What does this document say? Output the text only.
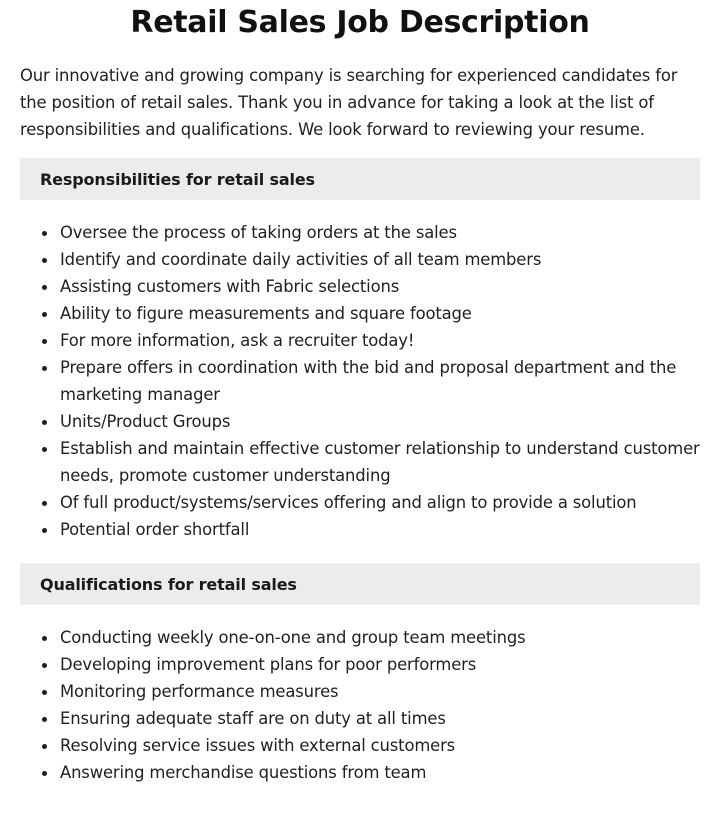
Retail Sales Job Description

Our innovative and growing company is searching for experienced candidates for the position of retail sales. Thank you in advance for taking a look at the list of responsibilities and qualifications. We look forward to reviewing your resume.

Responsibilities for retail sales
Oversee the process of taking orders at the sales
Identify and coordinate daily activities of all team members
Assisting customers with Fabric selections
Ability to figure measurements and square footage
For more information, ask a recruiter today!
Prepare offers in coordination with the bid and proposal department and the marketing manager
Units/Product Groups
Establish and maintain effective customer relationship to understand customer needs, promote customer understanding
Of full product/systems/services offering and align to provide a solution
Potential order shortfall
Qualifications for retail sales
Conducting weekly one-on-one and group team meetings
Developing improvement plans for poor performers
Monitoring performance measures
Ensuring adequate staff are on duty at all times
Resolving service issues with external customers
Answering merchandise questions from team
